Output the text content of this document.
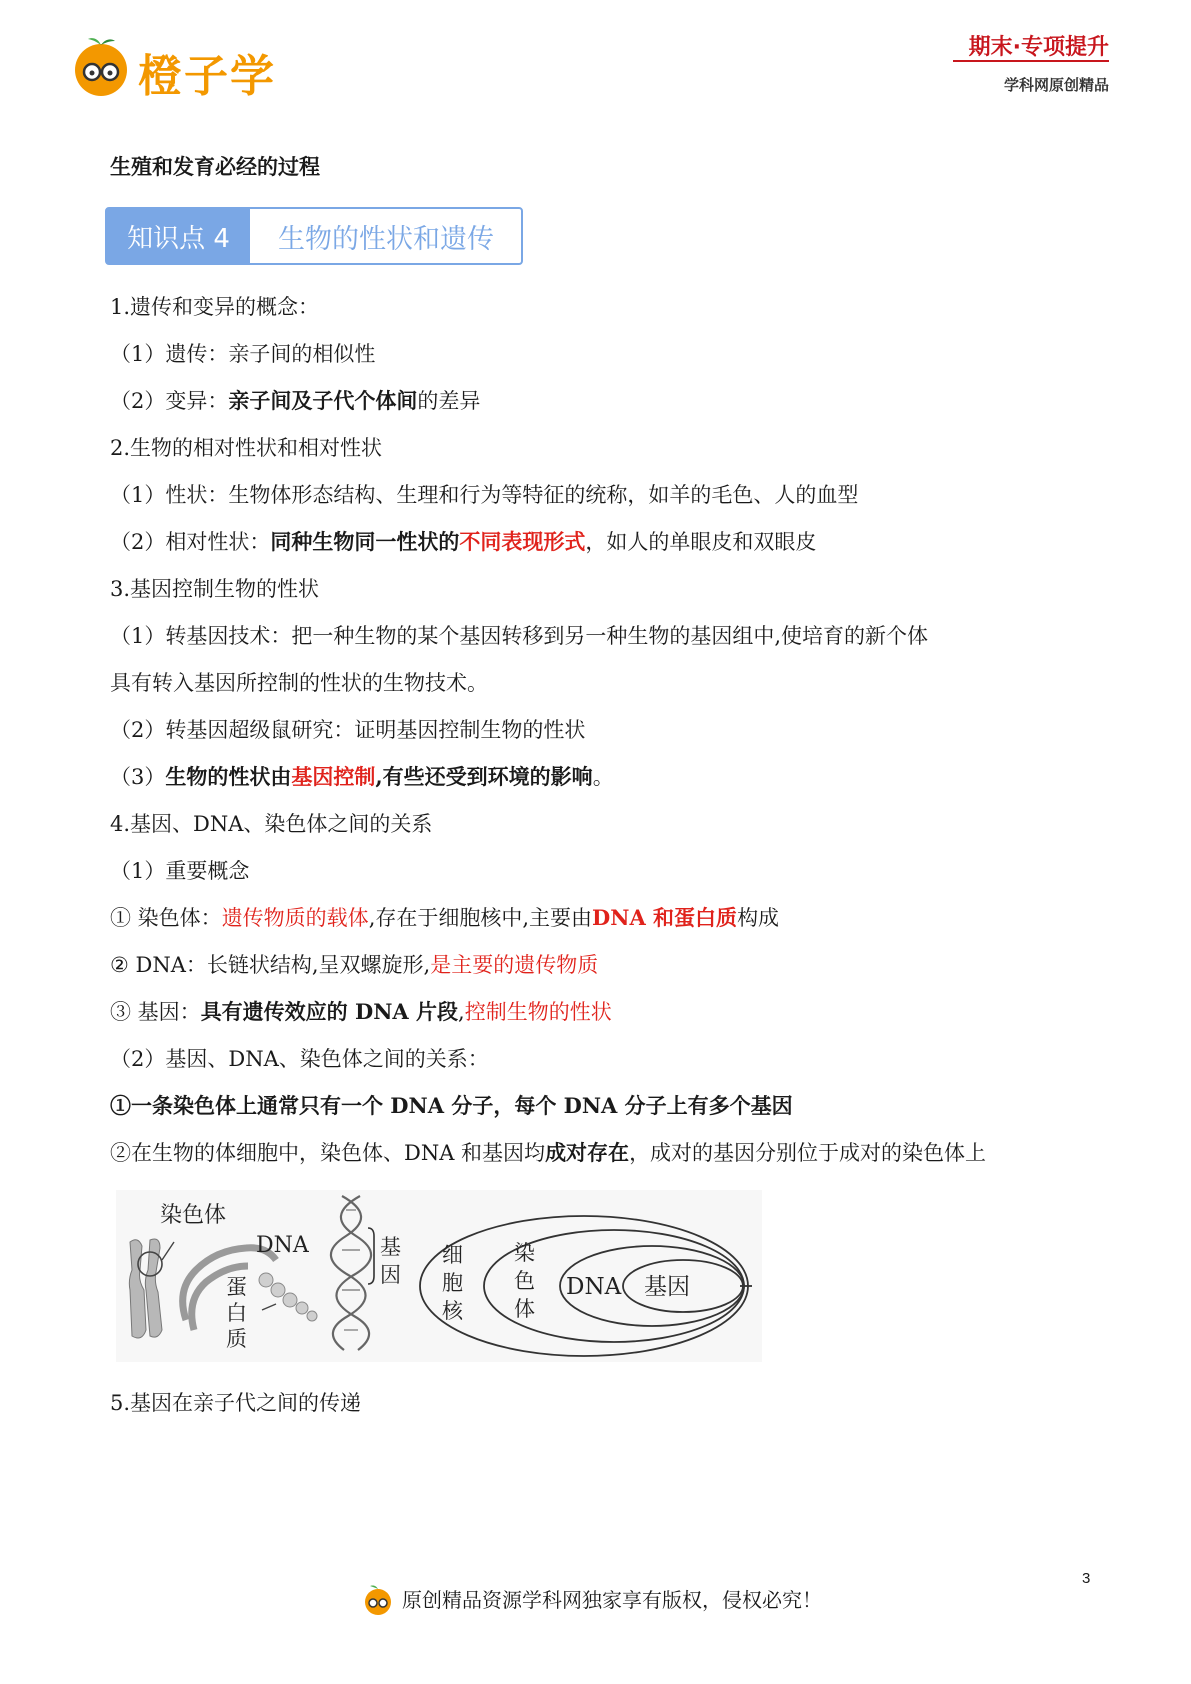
橙子学
期末·专项提升
学科网原创精品
生殖和发育必经的过程
知识点 4	生物的性状和遗传
1.遗传和变异的概念：
（1）遗传：亲子间的相似性
（2）变异：亲子间及子代个体间的差异
2.生物的相对性状和相对性状
（1）性状：生物体形态结构、生理和行为等特征的统称，如羊的毛色、人的血型
（2）相对性状：同种生物同一性状的不同表现形式，如人的单眼皮和双眼皮
3.基因控制生物的性状
（1）转基因技术：把一种生物的某个基因转移到另一种生物的基因组中,使培育的新个体
具有转入基因所控制的性状的生物技术。
（2）转基因超级鼠研究：证明基因控制生物的性状
（3）生物的性状由基因控制,有些还受到环境的影响。
4.基因、DNA、染色体之间的关系
（1）重要概念
① 染色体：遗传物质的载体,存在于细胞核中,主要由DNA 和蛋白质构成
② DNA：长链状结构,呈双螺旋形,是主要的遗传物质
③ 基因：具有遗传效应的 DNA 片段,控制生物的性状
（2）基因、DNA、染色体之间的关系：
①一条染色体上通常只有一个 DNA 分子，每个 DNA 分子上有多个基因
②在生物的体细胞中，染色体、DNA 和基因均成对存在，成对的基因分别位于成对的染色体上
染色体
DNA	基
因
蛋
白
质
细
胞
核
染
色
体
DNA 基因
5.基因在亲子代之间的传递
原创精品资源学科网独家享有版权，侵权必究！
3
